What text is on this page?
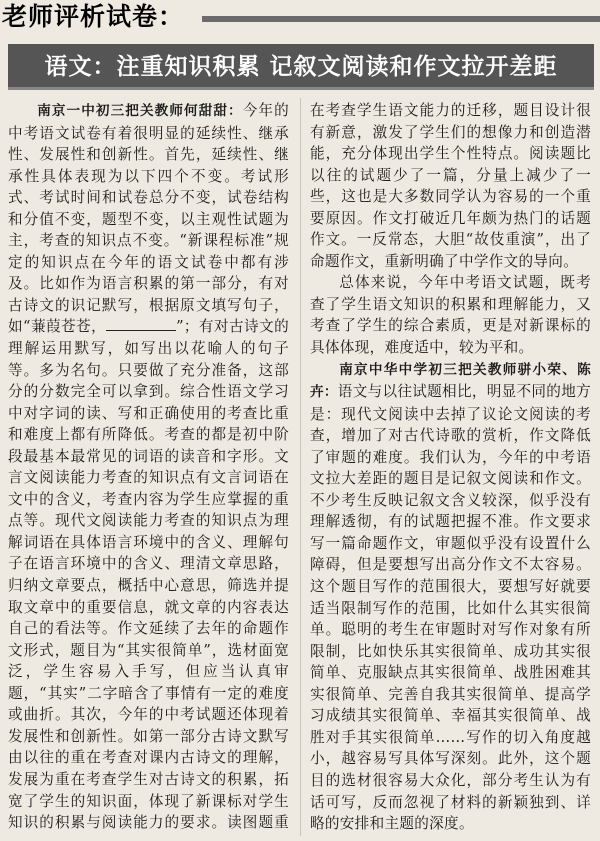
老师评析试卷：
语文：注重知识积累 记叙文阅读和作文拉开差距

南京一中初三把关教师何甜甜：今年的中考语文试卷有着很明显的延续性、继承性、发展性和创新性。首先，延续性、继承性具体表现为以下四个不变。考试形式、考试时间和试卷总分不变，试卷结构和分值不变，题型不变，以主观性试题为主，考查的知识点不变。“新课程标准”规定的知识点在今年的语文试卷中都有涉及。比如作为语言积累的第一部分，有对古诗文的识记默写，根据原文填写句子，如“蒹葭苍苍，	”；有对古诗文的理解运用默写，如写出以花喻人的句子等。多为名句。只要做了充分准备，这部分的分数完全可以拿到。综合性语文学习中对字词的读、写和正确使用的考查比重和难度上都有所降低。考查的都是初中阶段最基本最常见的词语的读音和字形。文言文阅读能力考查的知识点有文言词语在文中的含义，考查内容为学生应掌握的重点等。现代文阅读能力考查的知识点为理解词语在具体语言环境中的含义、理解句子在语言环境中的含义、理清文章思路，归纳文章要点，概括中心意思，筛选并提取文章中的重要信息，就文章的内容表达自己的看法等。作文延续了去年的命题作文形式，题目为“其实很简单”，选材面宽泛，学生容易入手写，但应当认真审题，“其实”二字暗含了事情有一定的难度或曲折。其次，今年的中考试题还体现着发展性和创新性。如第一部分古诗文默写由以往的重在考查对课内古诗文的理解，发展为重在考查学生对古诗文的积累，拓宽了学生的知识面，体现了新课标对学生知识的积累与阅读能力的要求。读图题重在考查学生语文能力的迁移，题目设计很有新意，激发了学生们的想像力和创造潜能，充分体现出学生个性特点。阅读题比以往的试题少了一篇，分量上减少了一些，这也是大多数同学认为容易的一个重要原因。作文打破近几年颇为热门的话题作文。一反常态，大胆“故伎重演”，出了命题作文，重新明确了中学作文的导向。

总体来说，今年中考语文试题，既考查了学生语文知识的积累和理解能力，又考查了学生的综合素质，更是对新课标的具体体现，难度适中，较为平和。

南京中华中学初三把关教师骈小荣、陈卉：语文与以往试题相比，明显不同的地方是：现代文阅读中去掉了议论文阅读的考查，增加了对古代诗歌的赏析，作文降低了审题的难度。我们认为，今年的中考语文拉大差距的题目是记叙文阅读和作文。不少考生反映记叙文含义较深，似乎没有理解透彻，有的试题把握不准。作文要求写一篇命题作文，审题似乎没有设置什么障碍，但是要想写出高分作文不太容易。这个题目写作的范围很大，要想写好就要适当限制写作的范围，比如什么其实很简单。聪明的考生在审题时对写作对象有所限制，比如快乐其实很简单、成功其实很简单、克服缺点其实很简单、战胜困难其实很简单、完善自我其实很简单、提高学习成绩其实很简单、幸福其实很简单、战胜对手其实很简单……写作的切入角度越小，越容易写具体写深刻。此外，这个题目的选材很容易大众化，部分考生认为有话可写，反而忽视了材料的新颖独到、详略的安排和主题的深度。
